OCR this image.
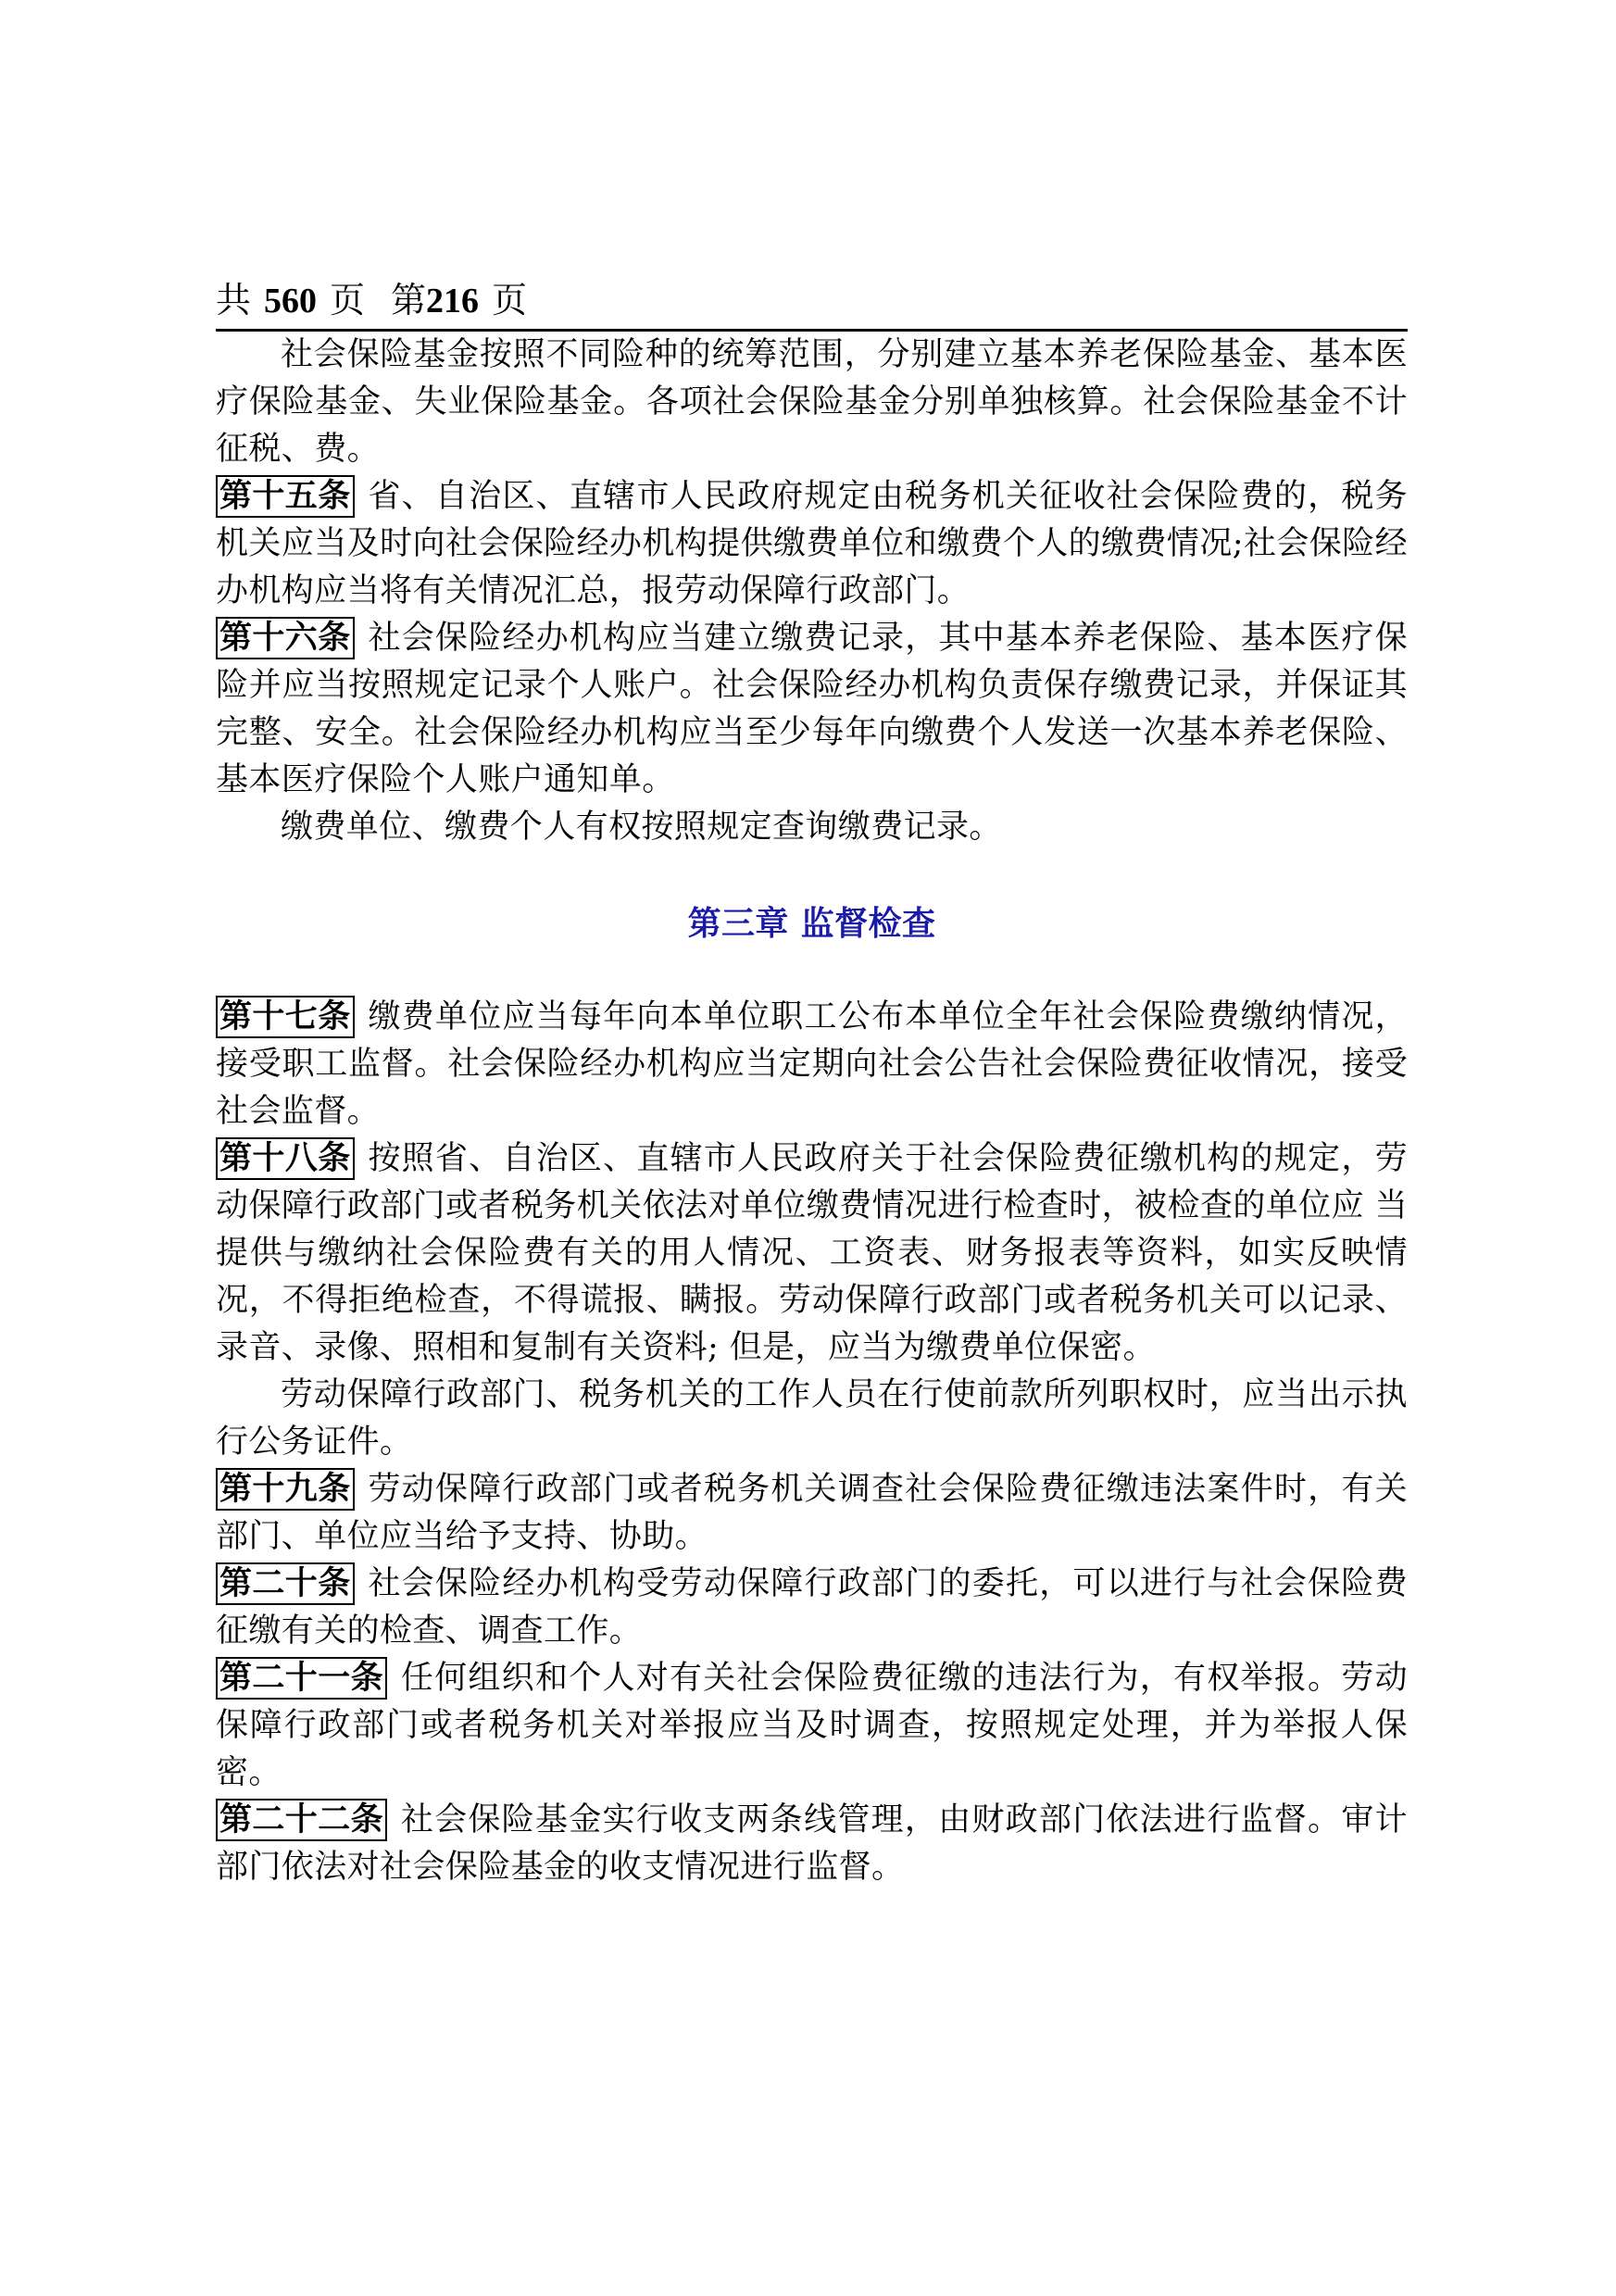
共 560 页 第216 页

社会保险基金按照不同险种的统筹范围，分别建立基本养老保险基金、基本医疗保险基金、失业保险基金。各项社会保险基金分别单独核算。社会保险基金不计征税、费。

第十五条 省、自治区、直辖市人民政府规定由税务机关征收社会保险费的，税务机关应当及时向社会保险经办机构提供缴费单位和缴费个人的缴费情况;社会保险经办机构应当将有关情况汇总，报劳动保障行政部门。

第十六条 社会保险经办机构应当建立缴费记录，其中基本养老保险、基本医疗保险并应当按照规定记录个人账户。社会保险经办机构负责保存缴费记录，并保证其完整、安全。社会保险经办机构应当至少每年向缴费个人发送一次基本养老保险、基本医疗保险个人账户通知单。

缴费单位、缴费个人有权按照规定查询缴费记录。

第三章 监督检查

第十七条 缴费单位应当每年向本单位职工公布本单位全年社会保险费缴纳情况，接受职工监督。社会保险经办机构应当定期向社会公告社会保险费征收情况，接受社会监督。

第十八条 按照省、自治区、直辖市人民政府关于社会保险费征缴机构的规定，劳动保障行政部门或者税务机关依法对单位缴费情况进行检查时，被检查的单位应 当提供与缴纳社会保险费有关的用人情况、工资表、财务报表等资料，如实反映情况，不得拒绝检查，不得谎报、瞒报。劳动保障行政部门或者税务机关可以记录、 录音、录像、照相和复制有关资料; 但是，应当为缴费单位保密。

劳动保障行政部门、税务机关的工作人员在行使前款所列职权时，应当出示执行公务证件。

第十九条 劳动保障行政部门或者税务机关调查社会保险费征缴违法案件时，有关部门、单位应当给予支持、协助。

第二十条 社会保险经办机构受劳动保障行政部门的委托，可以进行与社会保险费征缴有关的检查、调查工作。

第二十一条 任何组织和个人对有关社会保险费征缴的违法行为，有权举报。劳动保障行政部门或者税务机关对举报应当及时调查，按照规定处理，并为举报人保密。

第二十二条 社会保险基金实行收支两条线管理，由财政部门依法进行监督。审计部门依法对社会保险基金的收支情况进行监督。
